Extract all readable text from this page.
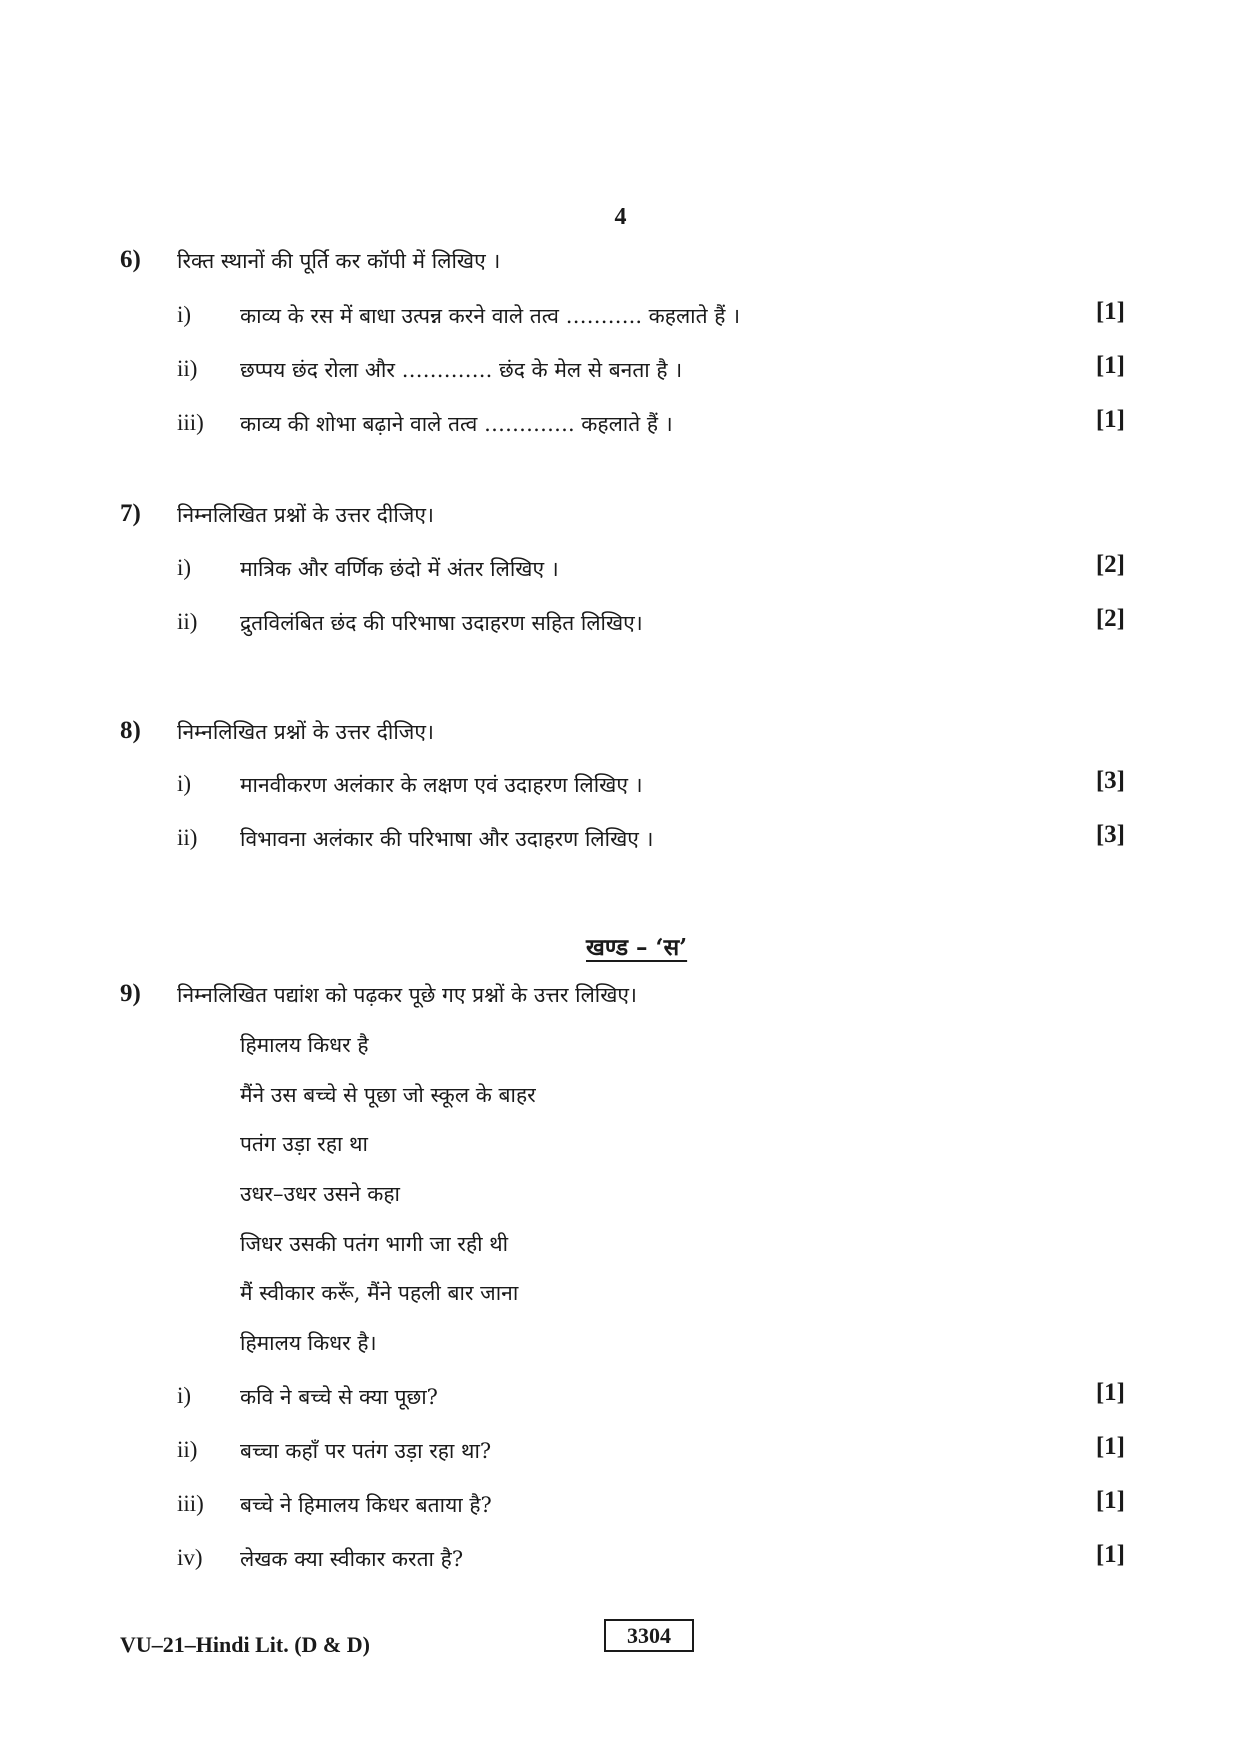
4
6)	रिक्त स्थानों की पूर्ति कर कॉपी में लिखिए ।
i)	काव्य के रस में बाधा उत्पन्न करने वाले तत्व ……….. कहलाते हैं ।	[1]
ii)	छप्पय छंद रोला और …………. छंद के मेल से बनता है ।	[1]
iii)	काव्य की शोभा बढ़ाने वाले तत्व …………. कहलाते हैं ।	[1]
7)	निम्नलिखित प्रश्नों के उत्तर दीजिए।
i)	मात्रिक और वर्णिक छंदो में अंतर लिखिए ।	[2]
ii)	द्रुतविलंबित छंद की परिभाषा उदाहरण सहित लिखिए।	[2]
8)	निम्नलिखित प्रश्नों के उत्तर दीजिए।
i)	मानवीकरण अलंकार के लक्षण एवं उदाहरण लिखिए ।	[3]
ii)	विभावना अलंकार की परिभाषा और उदाहरण लिखिए ।	[3]
खण्ड – ‘स’
9)	निम्नलिखित पद्यांश को पढ़कर पूछे गए प्रश्नों के उत्तर लिखिए।
हिमालय किधर है
मैंने उस बच्चे से पूछा जो स्कूल के बाहर
पतंग उड़ा रहा था
उधर–उधर उसने कहा
जिधर उसकी पतंग भागी जा रही थी
मैं स्वीकार करूँ, मैंने पहली बार जाना
हिमालय किधर है।
i)	कवि ने बच्चे से क्या पूछा?	[1]
ii)	बच्चा कहाँ पर पतंग उड़ा रहा था?	[1]
iii)	बच्चे ने हिमालय किधर बताया है?	[1]
iv)	लेखक क्या स्वीकार करता है?	[1]
VU–21–Hindi Lit. (D & D)	3304
